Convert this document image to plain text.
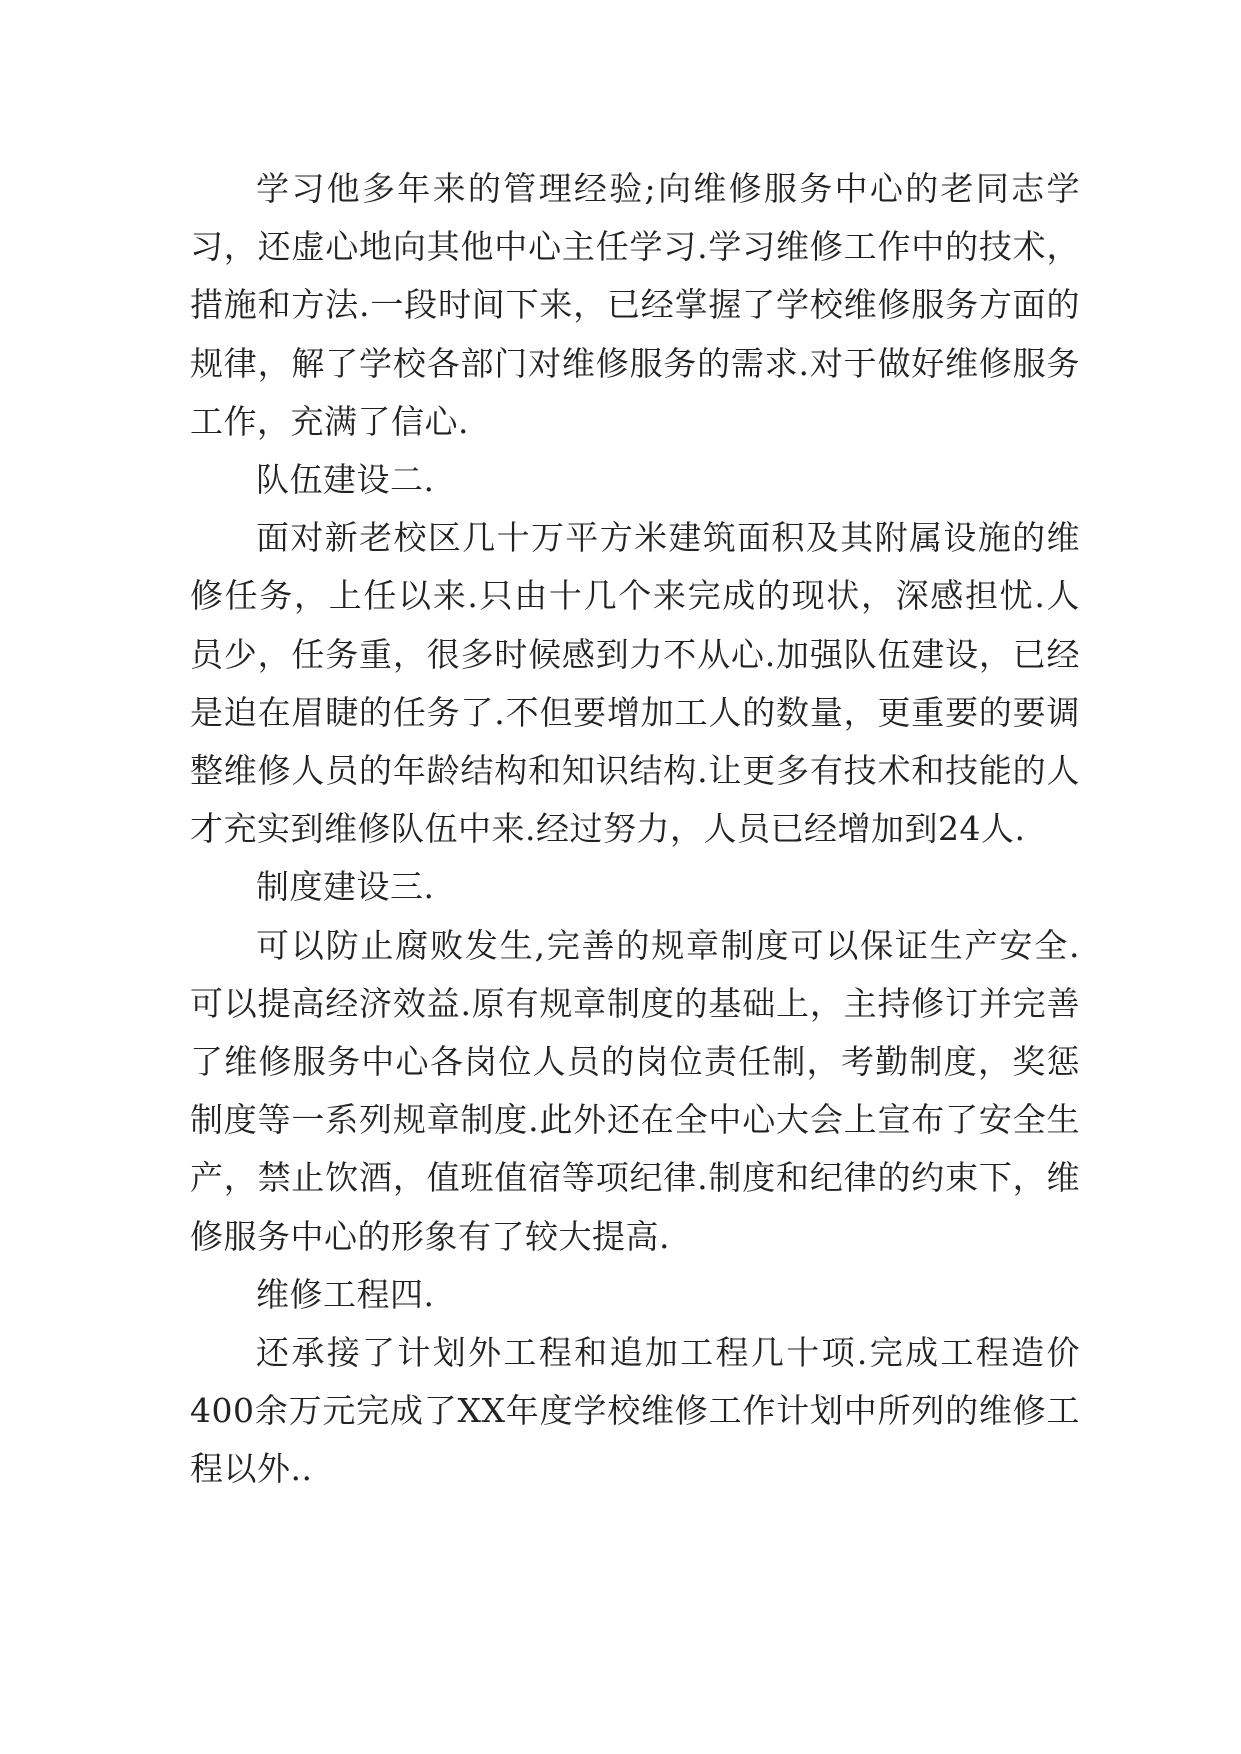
学习他多年来的管理经验;向维修服务中心的老同志学习，还虚心地向其他中心主任学习.学习维修工作中的技术，措施和方法.一段时间下来，已经掌握了学校维修服务方面的规律，解了学校各部门对维修服务的需求.对于做好维修服务工作，充满了信心.

队伍建设二.

面对新老校区几十万平方米建筑面积及其附属设施的维修任务，上任以来.只由十几个来完成的现状，深感担忧.人员少，任务重，很多时候感到力不从心.加强队伍建设，已经是迫在眉睫的任务了.不但要增加工人的数量，更重要的要调整维修人员的年龄结构和知识结构.让更多有技术和技能的人才充实到维修队伍中来.经过努力，人员已经增加到24人.

制度建设三.

可以防止腐败发生,完善的规章制度可以保证生产安全.可以提高经济效益.原有规章制度的基础上，主持修订并完善了维修服务中心各岗位人员的岗位责任制，考勤制度，奖惩制度等一系列规章制度.此外还在全中心大会上宣布了安全生产，禁止饮酒，值班值宿等项纪律.制度和纪律的约束下，维修服务中心的形象有了较大提高.

维修工程四.

还承接了计划外工程和追加工程几十项.完成工程造价400余万元完成了XX年度学校维修工作计划中所列的维修工程以外..
